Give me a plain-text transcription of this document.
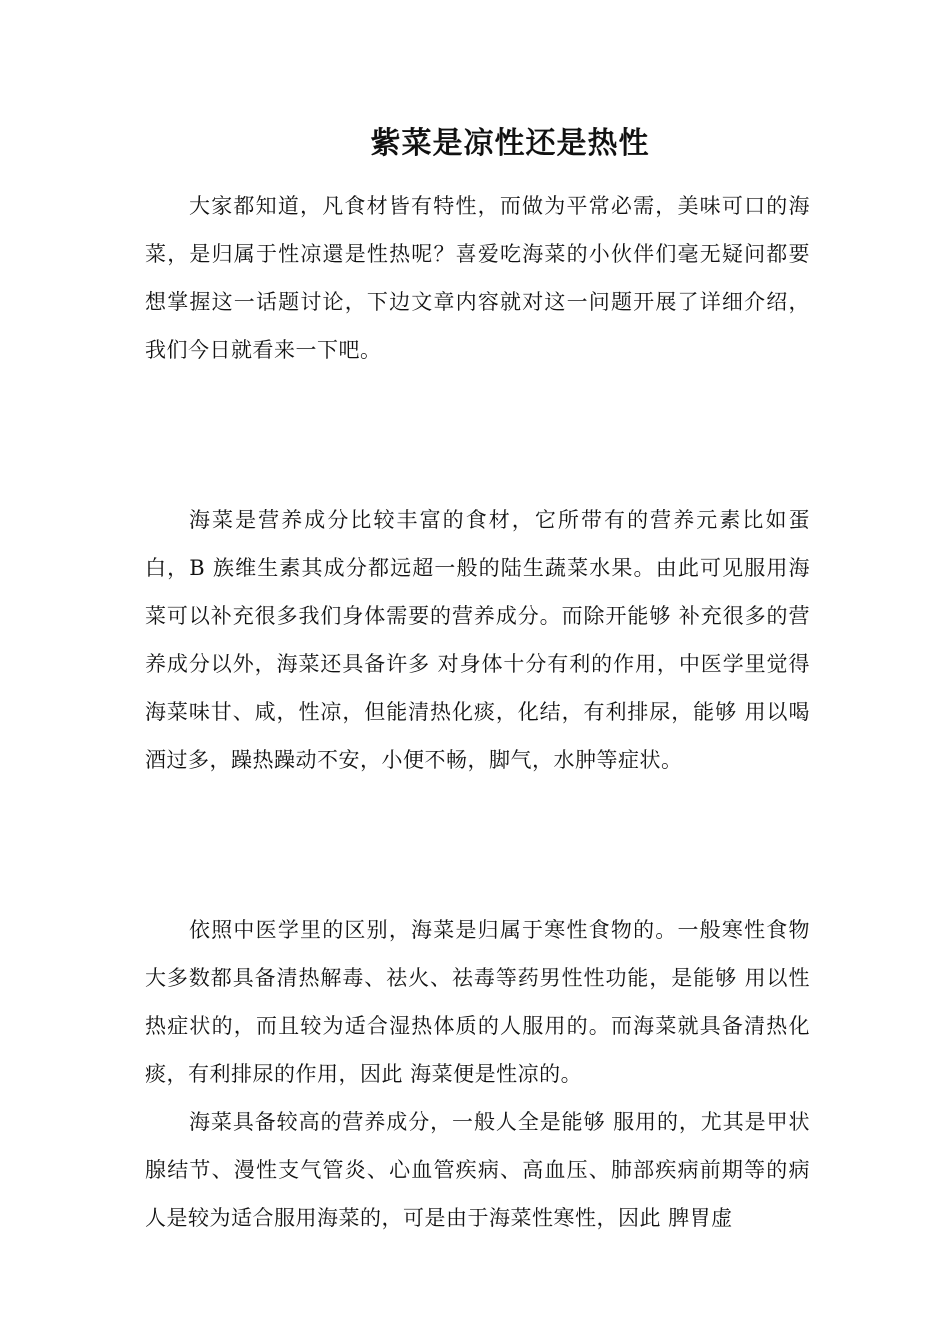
紫菜是凉性还是热性

大家都知道，凡食材皆有特性，而做为平常必需，美味可口的海菜，是归属于性凉還是性热呢？喜爱吃海菜的小伙伴们毫无疑问都要想掌握这一话题讨论，下边文章内容就对这一问题开展了详细介绍，我们今日就看来一下吧。

海菜是营养成分比较丰富的食材，它所带有的营养元素比如蛋白，B 族维生素其成分都远超一般的陆生蔬菜水果。由此可见服用海菜可以补充很多我们身体需要的营养成分。而除开能够 补充很多的营养成分以外，海菜还具备许多 对身体十分有利的作用，中医学里觉得海菜味甘、咸，性凉，但能清热化痰，化结，有利排尿，能够 用以喝酒过多，躁热躁动不安，小便不畅，脚气，水肿等症状。

依照中医学里的区别，海菜是归属于寒性食物的。一般寒性食物大多数都具备清热解毒、祛火、祛毒等药男性性功能，是能够 用以性热症状的，而且较为适合湿热体质的人服用的。而海菜就具备清热化痰，有利排尿的作用，因此 海菜便是性凉的。

海菜具备较高的营养成分，一般人全是能够 服用的，尤其是甲状腺结节、漫性支气管炎、心血管疾病、高血压、肺部疾病前期等的病人是较为适合服用海菜的，可是由于海菜性寒性，因此 脾胃虚
